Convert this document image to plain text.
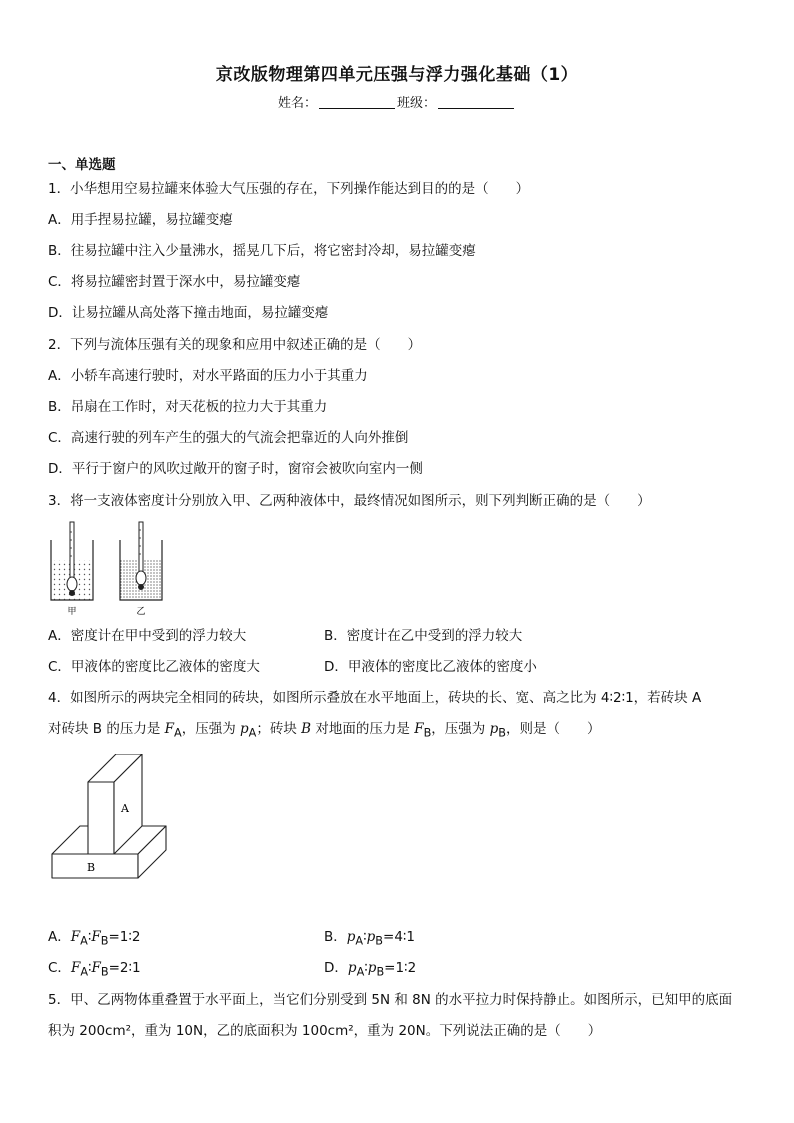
京改版物理第四单元压强与浮力强化基础（1）
姓名：	班级：
一、单选题
1．小华想用空易拉罐来体验大气压强的存在，下列操作能达到目的的是（　　）
A．用手捏易拉罐，易拉罐变瘪
B．往易拉罐中注入少量沸水，摇晃几下后，将它密封冷却，易拉罐变瘪
C．将易拉罐密封置于深水中，易拉罐变瘪
D．让易拉罐从高处落下撞击地面，易拉罐变瘪
2．下列与流体压强有关的现象和应用中叙述正确的是（　　）
A．小轿车高速行驶时，对水平路面的压力小于其重力
B．吊扇在工作时，对天花板的拉力大于其重力
C．高速行驶的列车产生的强大的气流会把靠近的人向外推倒
D．平行于窗户的风吹过敞开的窗子时，窗帘会被吹向室内一侧
3．将一支液体密度计分别放入甲、乙两种液体中，最终情况如图所示，则下列判断正确的是（　　）
甲	乙
A．密度计在甲中受到的浮力较大	B．密度计在乙中受到的浮力较大
C．甲液体的密度比乙液体的密度大	D．甲液体的密度比乙液体的密度小
4．如图所示的两块完全相同的砖块，如图所示叠放在水平地面上，砖块的长、宽、高之比为 4∶2∶1，若砖块 A
对砖块 B 的压力是 $F_A$，压强为 $p_A$；砖块 B 对地面的压力是 $F_B$，压强为 $p_B$，则是（　　）
A
B
A．$F_A∶F_B=1∶2$	B．$p_A∶p_B=4∶1$
C．$F_A∶F_B=2∶1$	D．$p_A∶p_B=1∶2$
5．甲、乙两物体重叠置于水平面上，当它们分别受到 5N 和 8N 的水平拉力时保持静止。如图所示，已知甲的底面
积为 200cm²，重为 10N，乙的底面积为 100cm²，重为 20N。下列说法正确的是（　　）
